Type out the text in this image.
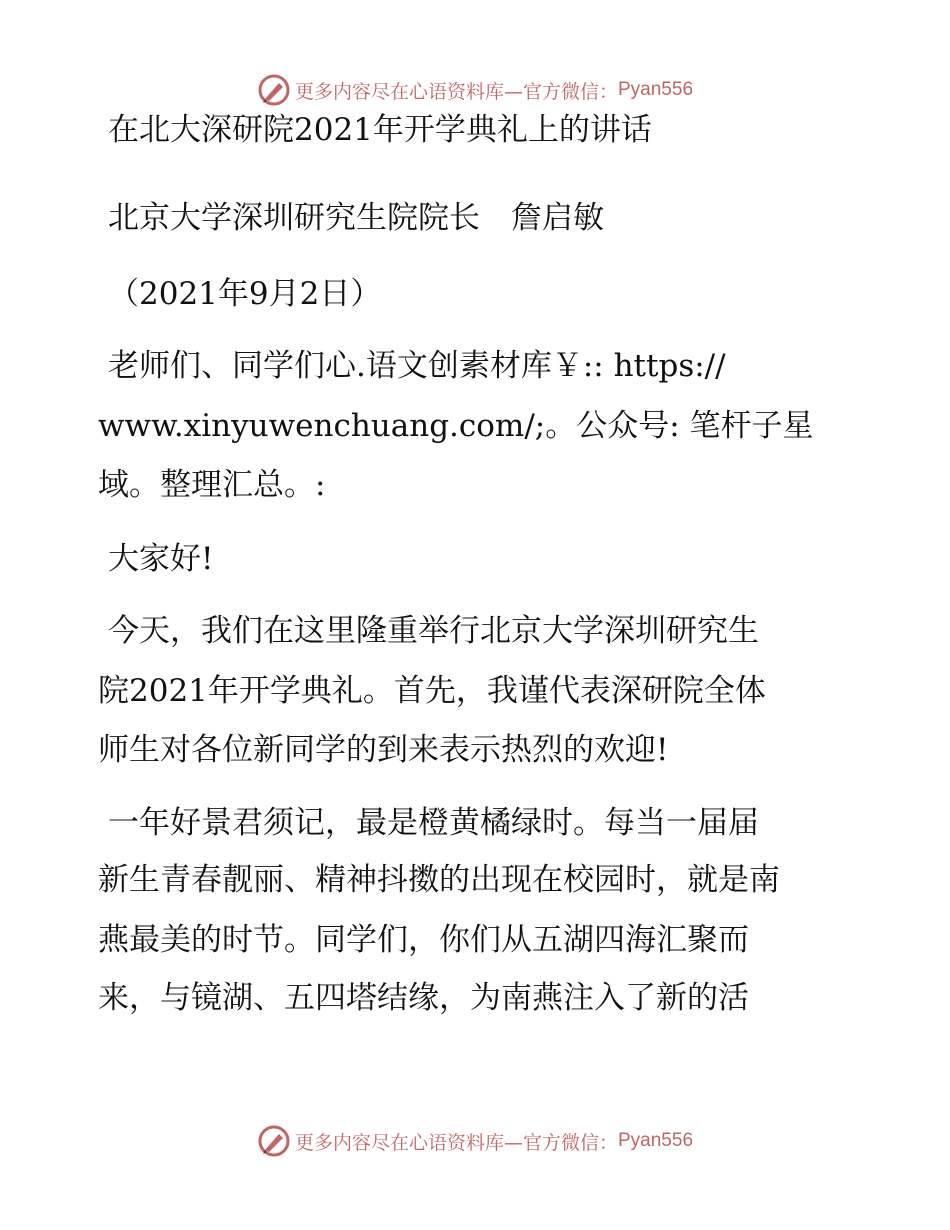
更多内容尽在心语资料库—官方微信： Pyan556

在北大深研院2021年开学典礼上的讲话

北京大学深圳研究生院院长　詹启敏

（2021年9月2日）

老师们、同学们心.语文创素材库￥:: https://

www.xinyuwenchuang.com/;。公众号: 笔杆子星

域。整理汇总。:

大家好!

今天，我们在这里隆重举行北京大学深圳研究生

院2021年开学典礼。首先，我谨代表深研院全体

师生对各位新同学的到来表示热烈的欢迎!

一年好景君须记，最是橙黄橘绿时。每当一届届

新生青春靓丽、精神抖擞的出现在校园时，就是南

燕最美的时节。同学们，你们从五湖四海汇聚而

来，与镜湖、五四塔结缘，为南燕注入了新的活

更多内容尽在心语资料库—官方微信： Pyan556
